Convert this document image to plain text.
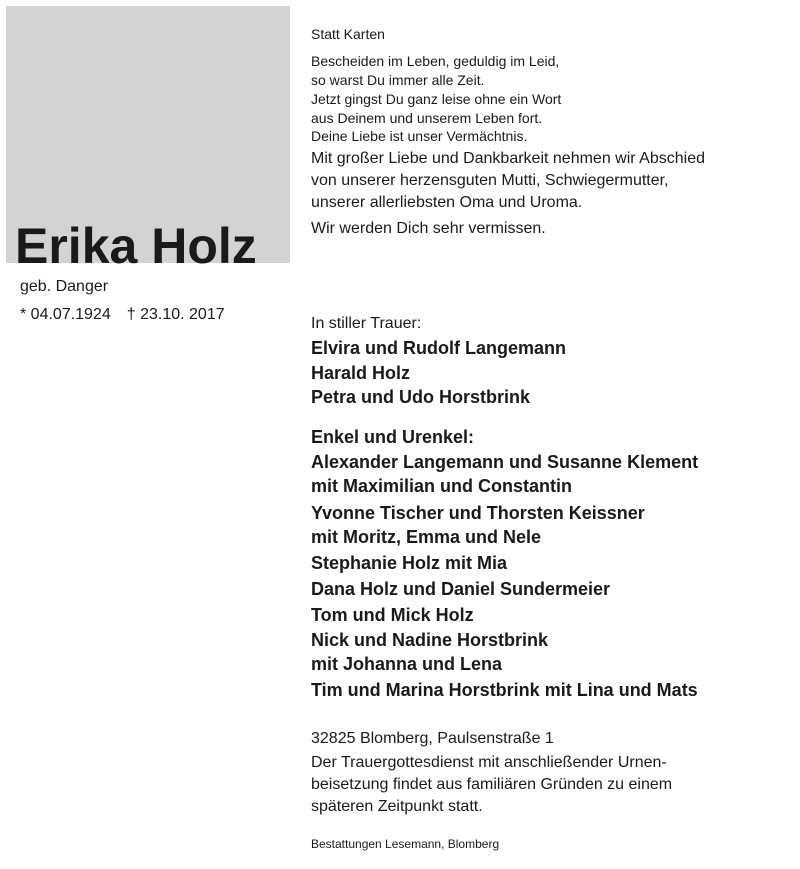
Erika Holz
geb. Danger
* 04.07.1924 † 23.10. 2017
Statt Karten
Bescheiden im Leben, geduldig im Leid,
so warst Du immer alle Zeit.
Jetzt gingst Du ganz leise ohne ein Wort
aus Deinem und unserem Leben fort.
Deine Liebe ist unser Vermächtnis.
Mit großer Liebe und Dankbarkeit nehmen wir Abschied
von unserer herzensguten Mutti, Schwiegermutter,
unserer allerliebsten Oma und Uroma.
Wir werden Dich sehr vermissen.
In stiller Trauer:
Elvira und Rudolf Langemann
Harald Holz
Petra und Udo Horstbrink
Enkel und Urenkel:
Alexander Langemann und Susanne Klement
mit Maximilian und Constantin
Yvonne Tischer und Thorsten Keissner
mit Moritz, Emma und Nele
Stephanie Holz mit Mia
Dana Holz und Daniel Sundermeier
Tom und Mick Holz
Nick und Nadine Horstbrink
mit Johanna und Lena
Tim und Marina Horstbrink mit Lina und Mats
32825 Blomberg, Paulsenstraße 1
Der Trauergottesdienst mit anschließender Urnen-
beisetzung findet aus familiären Gründen zu einem
späteren Zeitpunkt statt.
Bestattungen Lesemann, Blomberg
